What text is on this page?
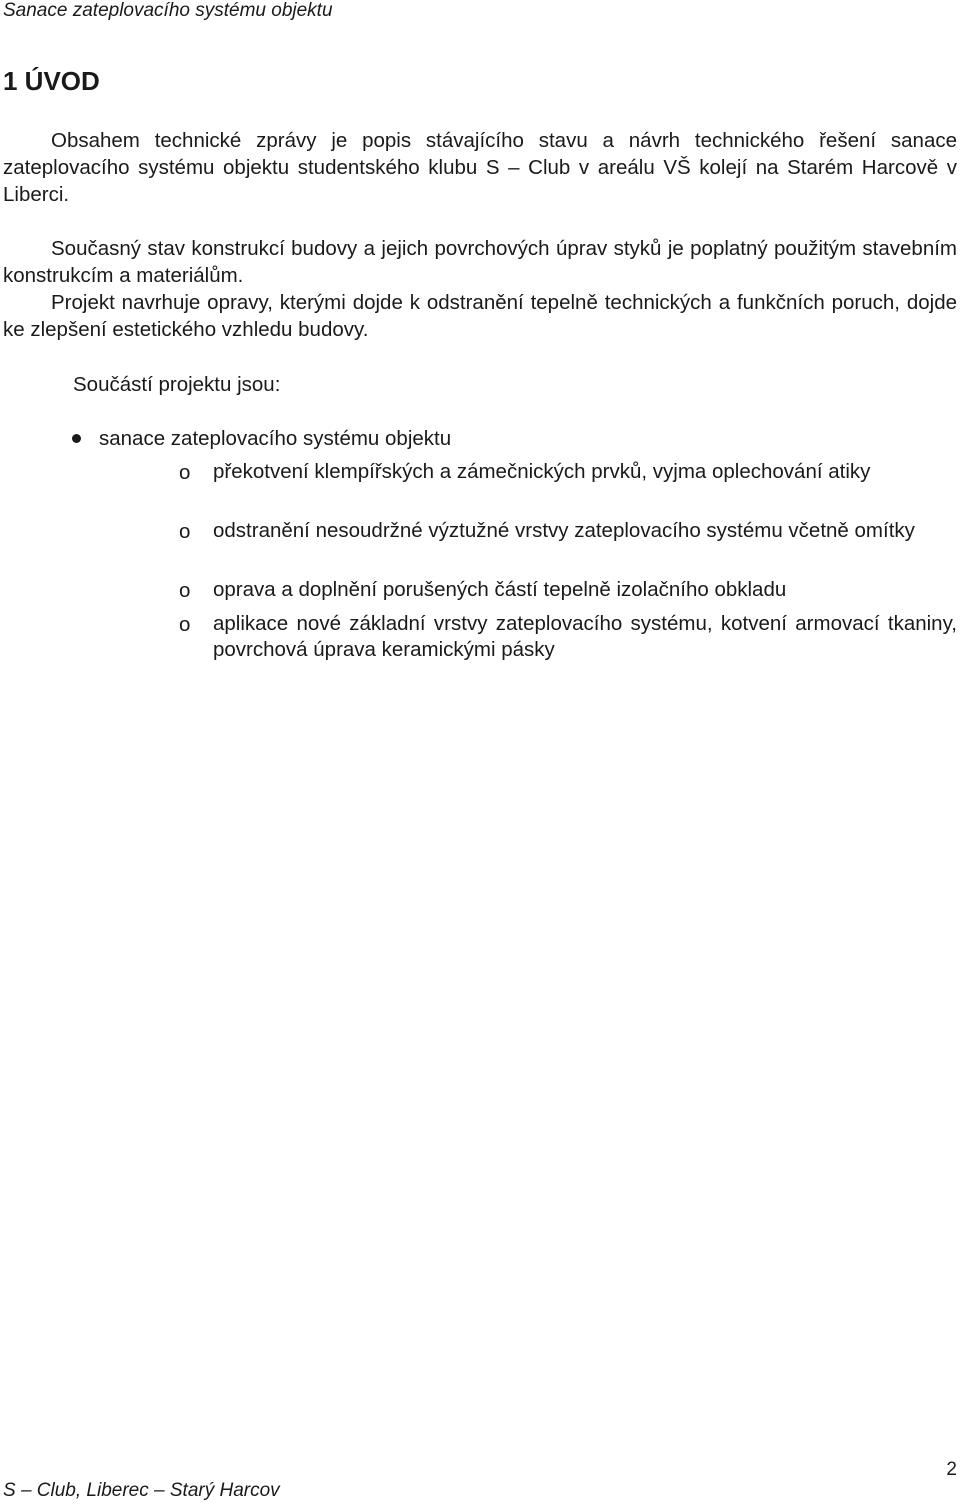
Sanace zateplovacího systému objektu
1 ÚVOD

Obsahem technické zprávy je popis stávajícího stavu a návrh technického řešení sanace zateplovacího systému objektu studentského klubu S – Club v areálu VŠ kolejí na Starém Harcově v Liberci.

Současný stav konstrukcí budovy a jejich povrchových úprav styků je poplatný použitým stavebním konstrukcím a materiálům.

Projekt navrhuje opravy, kterými dojde k odstranění tepelně technických a funkčních poruch, dojde ke zlepšení estetického vzhledu budovy.

Součástí projektu jsou:

sanace zateplovacího systému objektu

o překotvení klempířských a zámečnických prvků, vyjma oplechování atiky

o odstranění nesoudržné výztužné vrstvy zateplovacího systému včetně omítky

o oprava a doplnění porušených částí tepelně izolačního obkladu

o aplikace nové základní vrstvy zateplovacího systému, kotvení armovací tkaniny, povrchová úprava keramickými pásky

2
S – Club, Liberec – Starý Harcov
